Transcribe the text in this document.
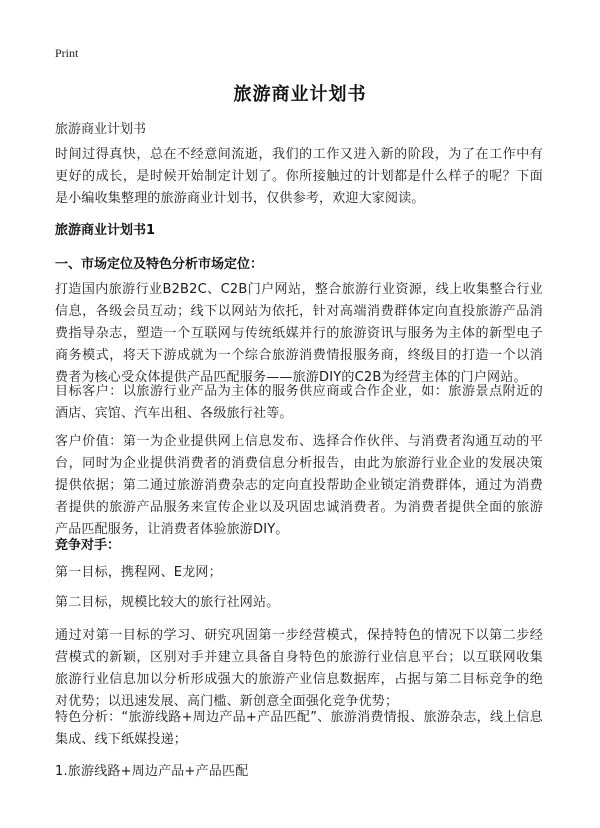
Print
旅游商业计划书
旅游商业计划书

时间过得真快，总在不经意间流逝，我们的工作又进入新的阶段，为了在工作中有更好的成长，是时候开始制定计划了。你所接触过的计划都是什么样子的呢？下面是小编收集整理的旅游商业计划书，仅供参考，欢迎大家阅读。

旅游商业计划书1
一、市场定位及特色分析市场定位：

打造国内旅游行业B2B2C、C2B门户网站，整合旅游行业资源，线上收集整合行业信息，各级会员互动；线下以网站为依托，针对高端消费群体定向直投旅游产品消费指导杂志，塑造一个互联网与传统纸媒并行的旅游资讯与服务为主体的新型电子商务模式，将天下游成就为一个综合旅游消费情报服务商，终级目的打造一个以消费者为核心受众体提供产品匹配服务——旅游DIY的C2B为经营主体的门户网站。

目标客户：以旅游行业产品为主体的服务供应商或合作企业，如：旅游景点附近的酒店、宾馆、汽车出租、各级旅行社等。

客户价值：第一为企业提供网上信息发布、选择合作伙伴、与消费者沟通互动的平台，同时为企业提供消费者的消费信息分析报告，由此为旅游行业企业的发展决策提供依据；第二通过旅游消费杂志的定向直投帮助企业锁定消费群体，通过为消费者提供的旅游产品服务来宣传企业以及巩固忠诚消费者。为消费者提供全面的旅游产品匹配服务，让消费者体验旅游DIY。

竞争对手：

第一目标，携程网、E龙网；

第二目标，规模比较大的旅行社网站。

通过对第一目标的学习、研究巩固第一步经营模式，保持特色的情况下以第二步经营模式的新颖，区别对手并建立具备自身特色的旅游行业信息平台；以互联网收集旅游行业信息加以分析形成强大的旅游产业信息数据库，占据与第二目标竞争的绝对优势；以迅速发展、高门槛、新创意全面强化竞争优势；

特色分析：“旅游线路+周边产品+产品匹配”、旅游消费情报、旅游杂志，线上信息集成、线下纸媒投递；

1.旅游线路+周边产品+产品匹配
